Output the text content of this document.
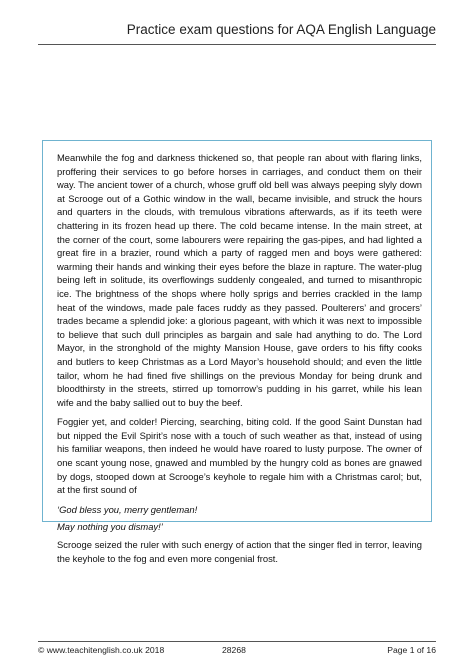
Practice exam questions for AQA English Language

Meanwhile the fog and darkness thickened so, that people ran about with flaring links, proffering their services to go before horses in carriages, and conduct them on their way. The ancient tower of a church, whose gruff old bell was always peeping slyly down at Scrooge out of a Gothic window in the wall, became invisible, and struck the hours and quarters in the clouds, with tremulous vibrations afterwards, as if its teeth were chattering in its frozen head up there. The cold became intense. In the main street, at the corner of the court, some labourers were repairing the gas-pipes, and had lighted a great fire in a brazier, round which a party of ragged men and boys were gathered: warming their hands and winking their eyes before the blaze in rapture. The water-plug being left in solitude, its overflowings suddenly congealed, and turned to misanthropic ice. The brightness of the shops where holly sprigs and berries crackled in the lamp heat of the windows, made pale faces ruddy as they passed. Poulterers’ and grocers’ trades became a splendid joke: a glorious pageant, with which it was next to impossible to believe that such dull principles as bargain and sale had anything to do. The Lord Mayor, in the stronghold of the mighty Mansion House, gave orders to his fifty cooks and butlers to keep Christmas as a Lord Mayor’s household should; and even the little tailor, whom he had fined five shillings on the previous Monday for being drunk and bloodthirsty in the streets, stirred up tomorrow’s pudding in his garret, while his lean wife and the baby sallied out to buy the beef.

Foggier yet, and colder! Piercing, searching, biting cold. If the good Saint Dunstan had but nipped the Evil Spirit’s nose with a touch of such weather as that, instead of using his familiar weapons, then indeed he would have roared to lusty purpose. The owner of one scant young nose, gnawed and mumbled by the hungry cold as bones are gnawed by dogs, stooped down at Scrooge’s keyhole to regale him with a Christmas carol; but, at the first sound of

‘God bless you, merry gentleman!

May nothing you dismay!’

Scrooge seized the ruler with such energy of action that the singer fled in terror, leaving the keyhole to the fog and even more congenial frost.

© www.teachitenglish.co.uk 2018	28268	Page 1 of 16
